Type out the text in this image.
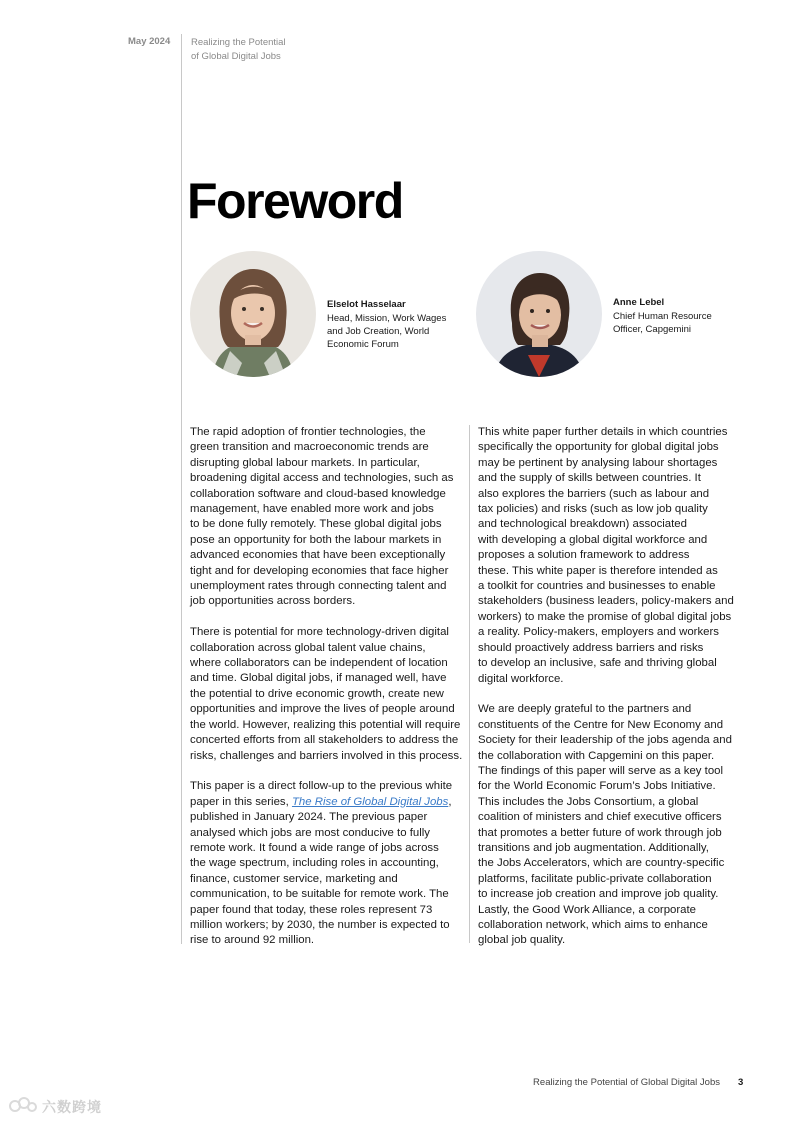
May 2024 Realizing the Potential
of Global Digital Jobs
Foreword
Elselot Hasselaar
Head, Mission, Work Wages
and Job Creation, World
Economic Forum
Anne Lebel
Chief Human Resource
Officer, Capgemini

The rapid adoption of frontier technologies, the
green transition and macroeconomic trends are
disrupting global labour markets. In particular,
broadening digital access and technologies, such as
collaboration software and cloud-based knowledge
management, have enabled more work and jobs
to be done fully remotely. These global digital jobs
pose an opportunity for both the labour markets in
advanced economies that have been exceptionally
tight and for developing economies that face higher
unemployment rates through connecting talent and
job opportunities across borders.

There is potential for more technology-driven digital
collaboration across global talent value chains,
where collaborators can be independent of location
and time. Global digital jobs, if managed well, have
the potential to drive economic growth, create new
opportunities and improve the lives of people around
the world. However, realizing this potential will require
concerted efforts from all stakeholders to address the
risks, challenges and barriers involved in this process.

This paper is a direct follow-up to the previous white
paper in this series, The Rise of Global Digital Jobs,
published in January 2024. The previous paper
analysed which jobs are most conducive to fully
remote work. It found a wide range of jobs across
the wage spectrum, including roles in accounting,
finance, customer service, marketing and
communication, to be suitable for remote work. The
paper found that today, these roles represent 73
million workers; by 2030, the number is expected to
rise to around 92 million.

This white paper further details in which countries
specifically the opportunity for global digital jobs
may be pertinent by analysing labour shortages
and the supply of skills between countries. It
also explores the barriers (such as labour and
tax policies) and risks (such as low job quality
and technological breakdown) associated
with developing a global digital workforce and
proposes a solution framework to address
these. This white paper is therefore intended as
a toolkit for countries and businesses to enable
stakeholders (business leaders, policy-makers and
workers) to make the promise of global digital jobs
a reality. Policy-makers, employers and workers
should proactively address barriers and risks
to develop an inclusive, safe and thriving global
digital workforce.

We are deeply grateful to the partners and
constituents of the Centre for New Economy and
Society for their leadership of the jobs agenda and
the collaboration with Capgemini on this paper.
The findings of this paper will serve as a key tool
for the World Economic Forum’s Jobs Initiative.
This includes the Jobs Consortium, a global
coalition of ministers and chief executive officers
that promotes a better future of work through job
transitions and job augmentation. Additionally,
the Jobs Accelerators, which are country-specific
platforms, facilitate public-private collaboration
to increase job creation and improve job quality.
Lastly, the Good Work Alliance, a corporate
collaboration network, which aims to enhance
global job quality.

Realizing the Potential of Global Digital Jobs 3
六数跨境
